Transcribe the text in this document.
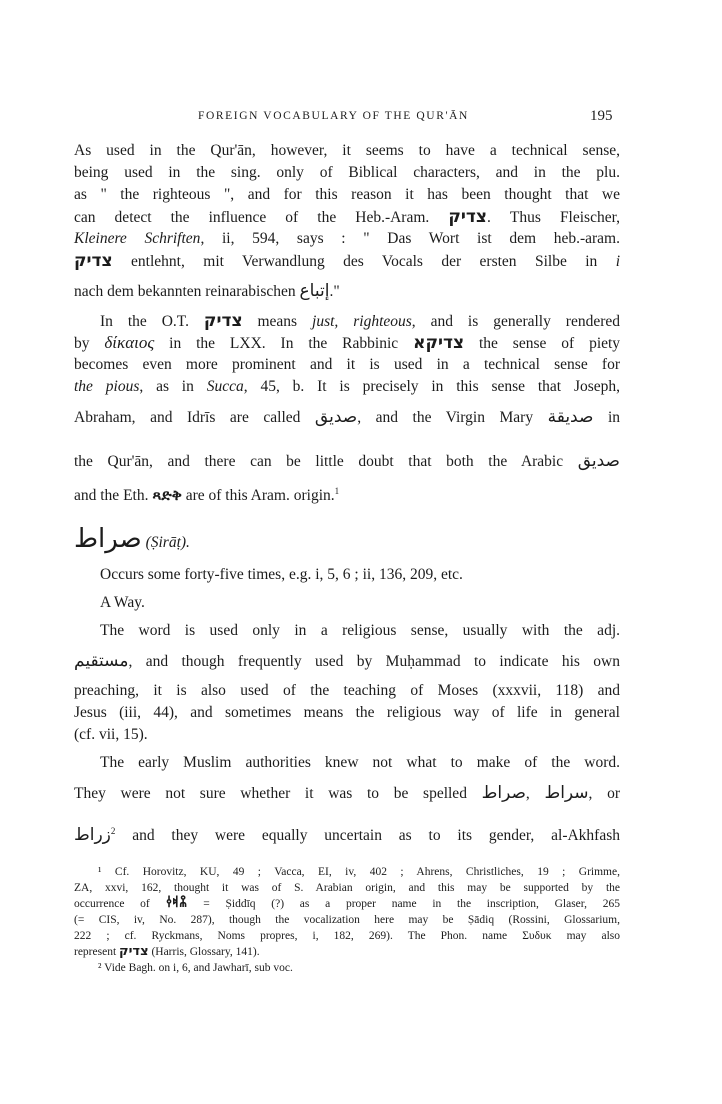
FOREIGN VOCABULARY OF THE QUR'ĀN	195
As used in the Qur'ān, however, it seems to have a technical sense,
being used in the sing. only of Biblical characters, and in the plu.
as " the righteous ", and for this reason it has been thought that we
can detect the influence of the Heb.-Aram. צדיק. Thus Fleischer,
Kleinere Schriften, ii, 594, says : " Das Wort ist dem heb.-aram.
צדיק entlehnt, mit Verwandlung des Vocals der ersten Silbe in i
nach dem bekannten reinarabischen إتباع."
In the O.T. צדיק means just, righteous, and is generally rendered
by δίκαιος in the LXX. In the Rabbinic צדיקא the sense of piety
becomes even more prominent and it is used in a technical sense for
the pious, as in Succa, 45, b. It is precisely in this sense that Joseph,
Abraham, and Idrīs are called صديق, and the Virgin Mary صديقة in
the Qur'ān, and there can be little doubt that both the Arabic صديق
and the Eth. ጻድቅ are of this Aram. origin.$^1$
صراط (Ṣirāṭ).
Occurs some forty-five times, e.g. i, 5, 6 ; ii, 136, 209, etc.
A Way.
The word is used only in a religious sense, usually with the adj.
مستقيم, and though frequently used by Muḥammad to indicate his own
preaching, it is also used of the teaching of Moses (xxxvii, 118) and
Jesus (iii, 44), and sometimes means the religious way of life in general
(cf. vii, 15).
The early Muslim authorities knew not what to make of the word.
They were not sure whether it was to be spelled صراط, سراط, or
زراط$^2$ and they were equally uncertain as to its gender, al-Akhfash
¹ Cf. Horovitz, KU, 49 ; Vacca, EI, iv, 402 ; Ahrens, Christliches, 19 ; Grimme,
ZA, xxvi, 162, thought it was of S. Arabian origin, and this may be supported by the
occurrence of 𐩮𐩵𐩤 = Ṣiddīq (?) as a proper name in the inscription, Glaser, 265
(= CIS, iv, No. 287), though the vocalization here may be Ṣādiq (Rossini, Glossarium,
222 ; cf. Ryckmans, Noms propres, i, 182, 269). The Phon. name Συδυκ may also
represent צדיק (Harris, Glossary, 141).
² Vide Bagh. on i, 6, and Jawharī, sub voc.
